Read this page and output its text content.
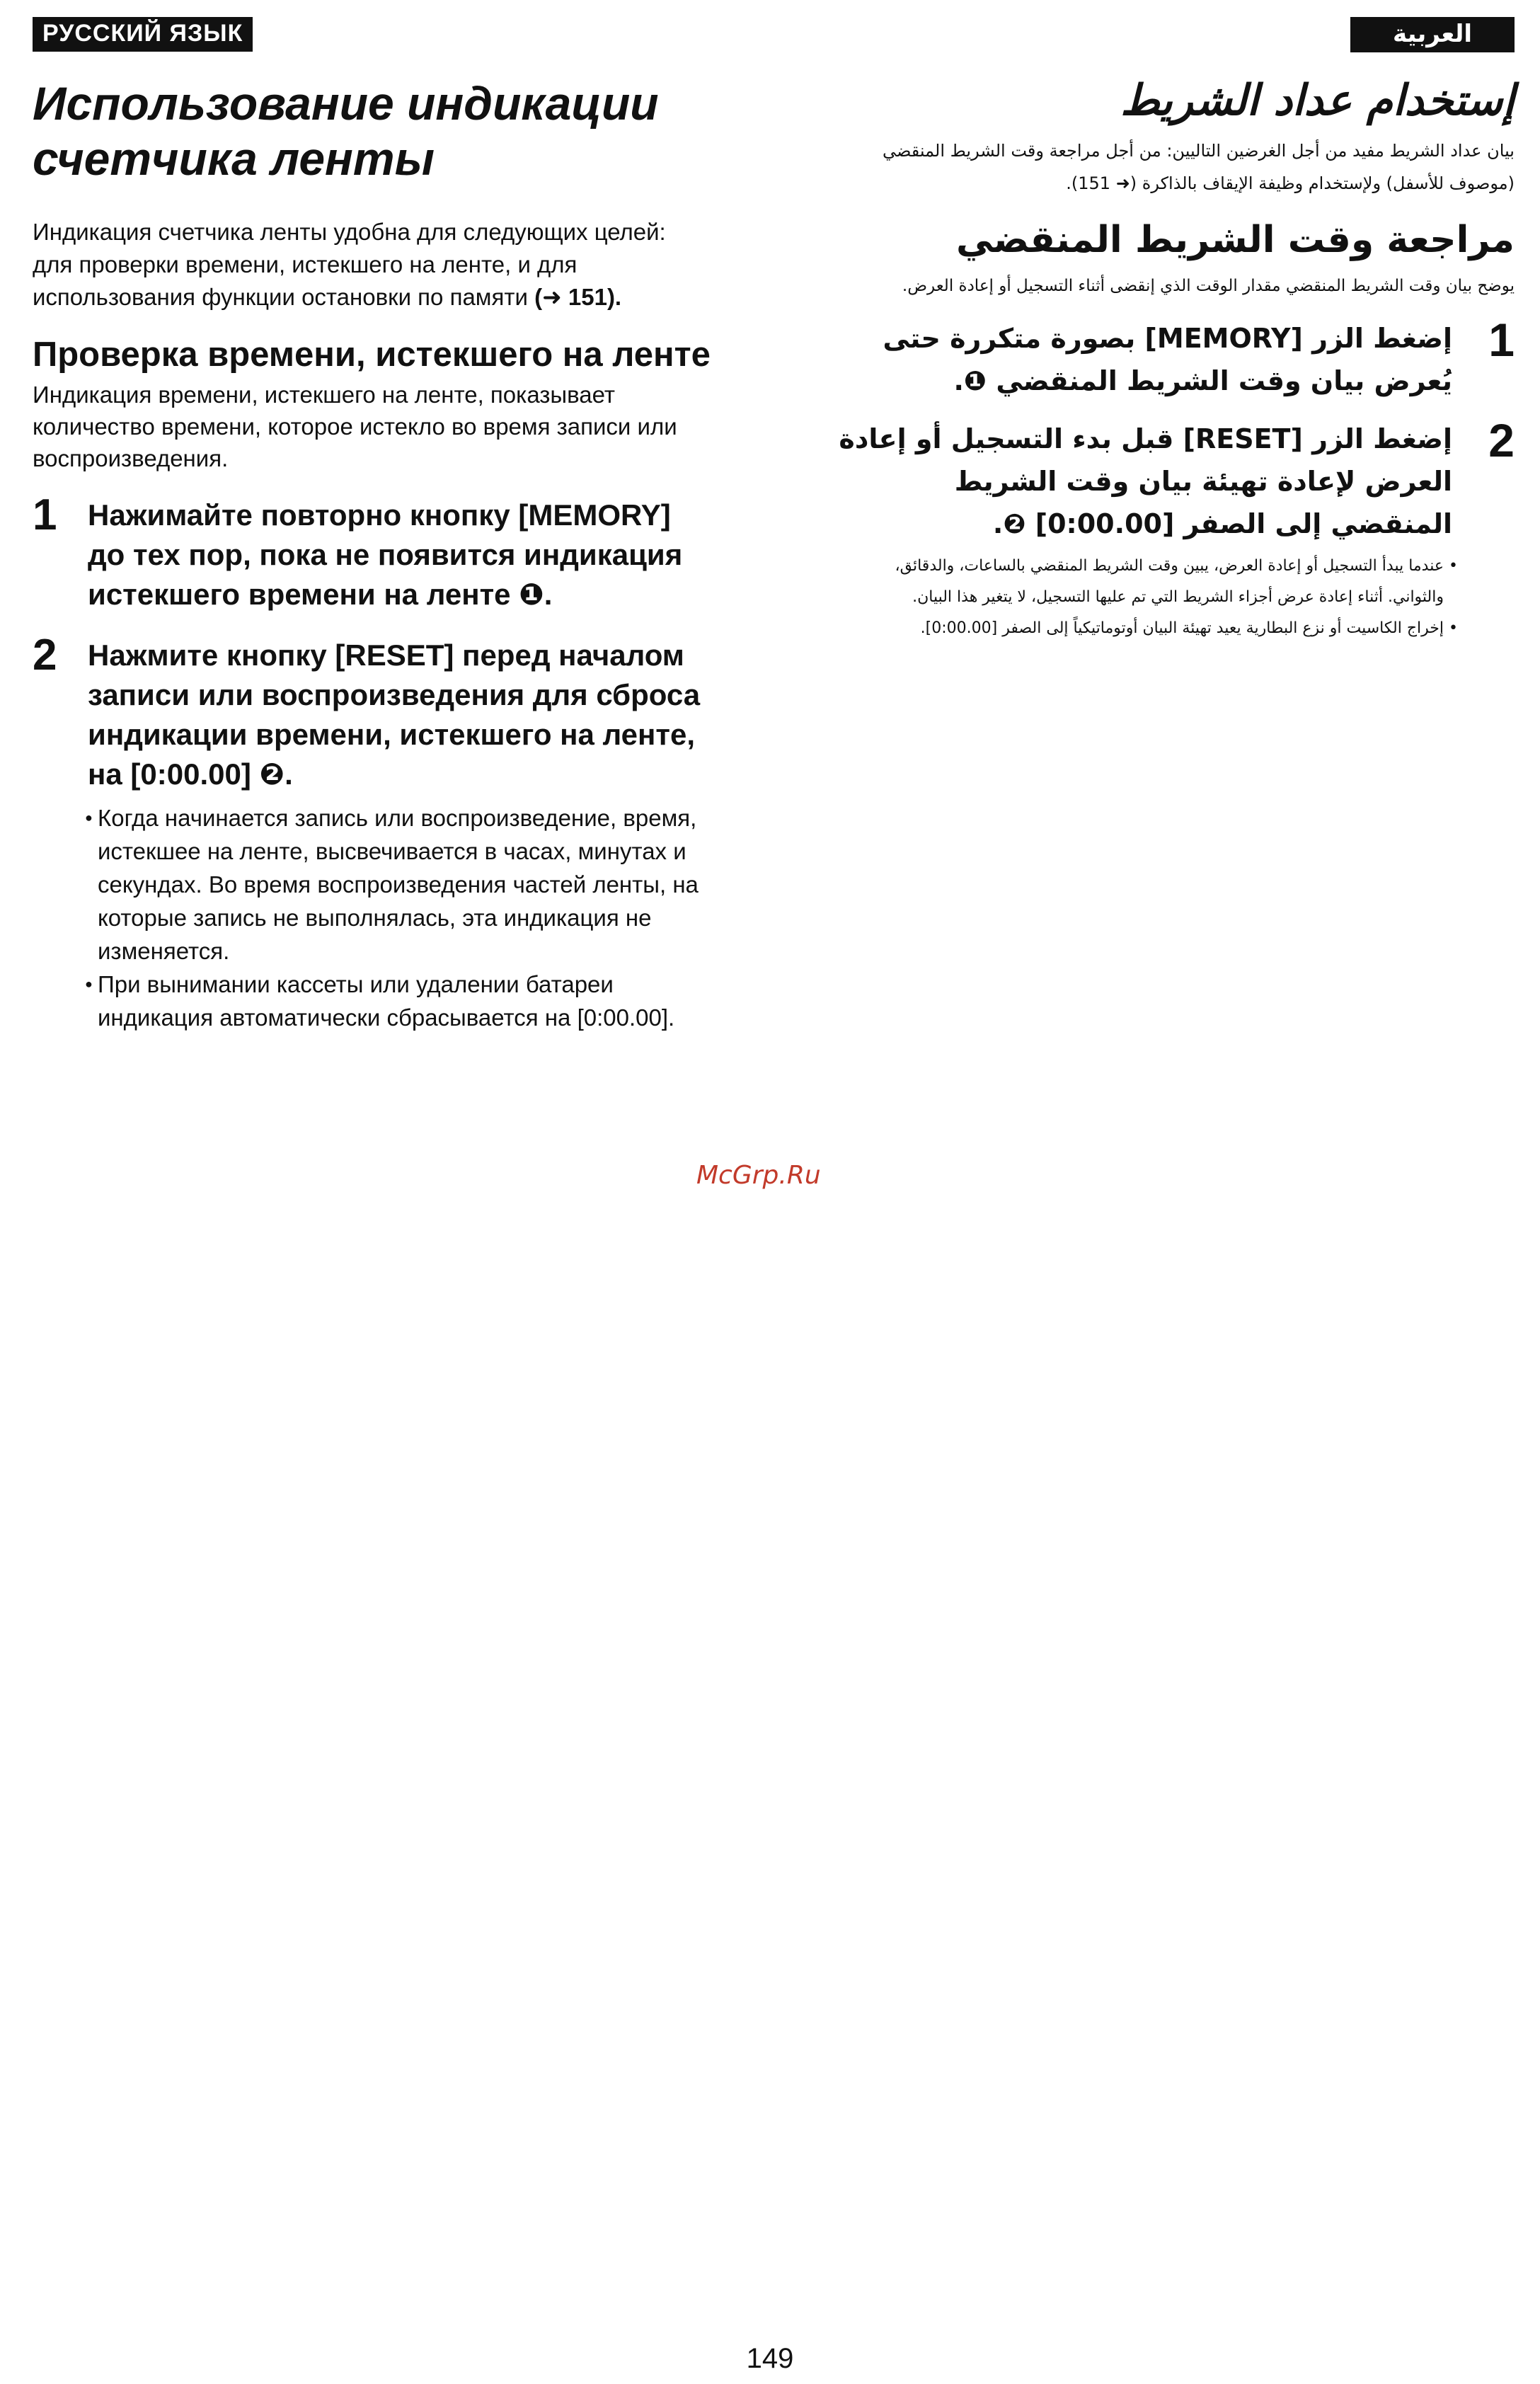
РУССКИЙ ЯЗЫК
Использование индикации счетчика ленты

Индикация счетчика ленты удобна для следующих целей: для проверки времени, истекшего на ленте, и для использования функции остановки по памяти (➜ 151).

Проверка времени, истекшего на ленте

Индикация времени, истекшего на ленте, показывает количество времени, которое истекло во время записи или воспроизведения.

1 Нажимайте повторно кнопку [MEMORY] до тех пор, пока не появится индикация истекшего времени на ленте ❶.
2 Нажмите кнопку [RESET] перед началом записи или воспроизведения для сброса индикации времени, истекшего на ленте, на [0:00.00] ❷.
● Когда начинается запись или воспроизведение, время, истекшее на ленте, высвечивается в часах, минутах и секундах. Во время воспроизведения частей ленты, на которые запись не выполнялась, эта индикация не изменяется.
● При вынимании кассеты или удалении батареи индикация автоматически сбрасывается на [0:00.00].
McGrp.Ru
العربية
إستخدام عداد الشريط

بيان عداد الشريط مفيد من أجل الغرضين التاليين: من أجل مراجعة وقت الشريط المنقضي (موصوف للأسفل) ولإستخدام وظيفة الإيقاف بالذاكرة (➜ 151).

مراجعة وقت الشريط المنقضي

يوضح بيان وقت الشريط المنقضي مقدار الوقت الذي إنقضى أثناء التسجيل أو إعادة العرض.

1
إضغط الزر [MEMORY] بصورة متكررة حتى يُعرض بيان وقت الشريط المنقضي ❶.
2
إضغط الزر [RESET] قبل بدء التسجيل أو إعادة العرض لإعادة تهيئة بيان وقت الشريط المنقضي إلى الصفر [0:00.00] ❷.
• عندما يبدأ التسجيل أو إعادة العرض، يبين وقت الشريط المنقضي بالساعات، والدقائق، والثواني. أثناء إعادة عرض أجزاء الشريط التي تم عليها التسجيل، لا يتغير هذا البيان.
• إخراج الكاسيت أو نزع البطارية يعيد تهيئة البيان أوتوماتيكياً إلى الصفر [0:00.00].
149
